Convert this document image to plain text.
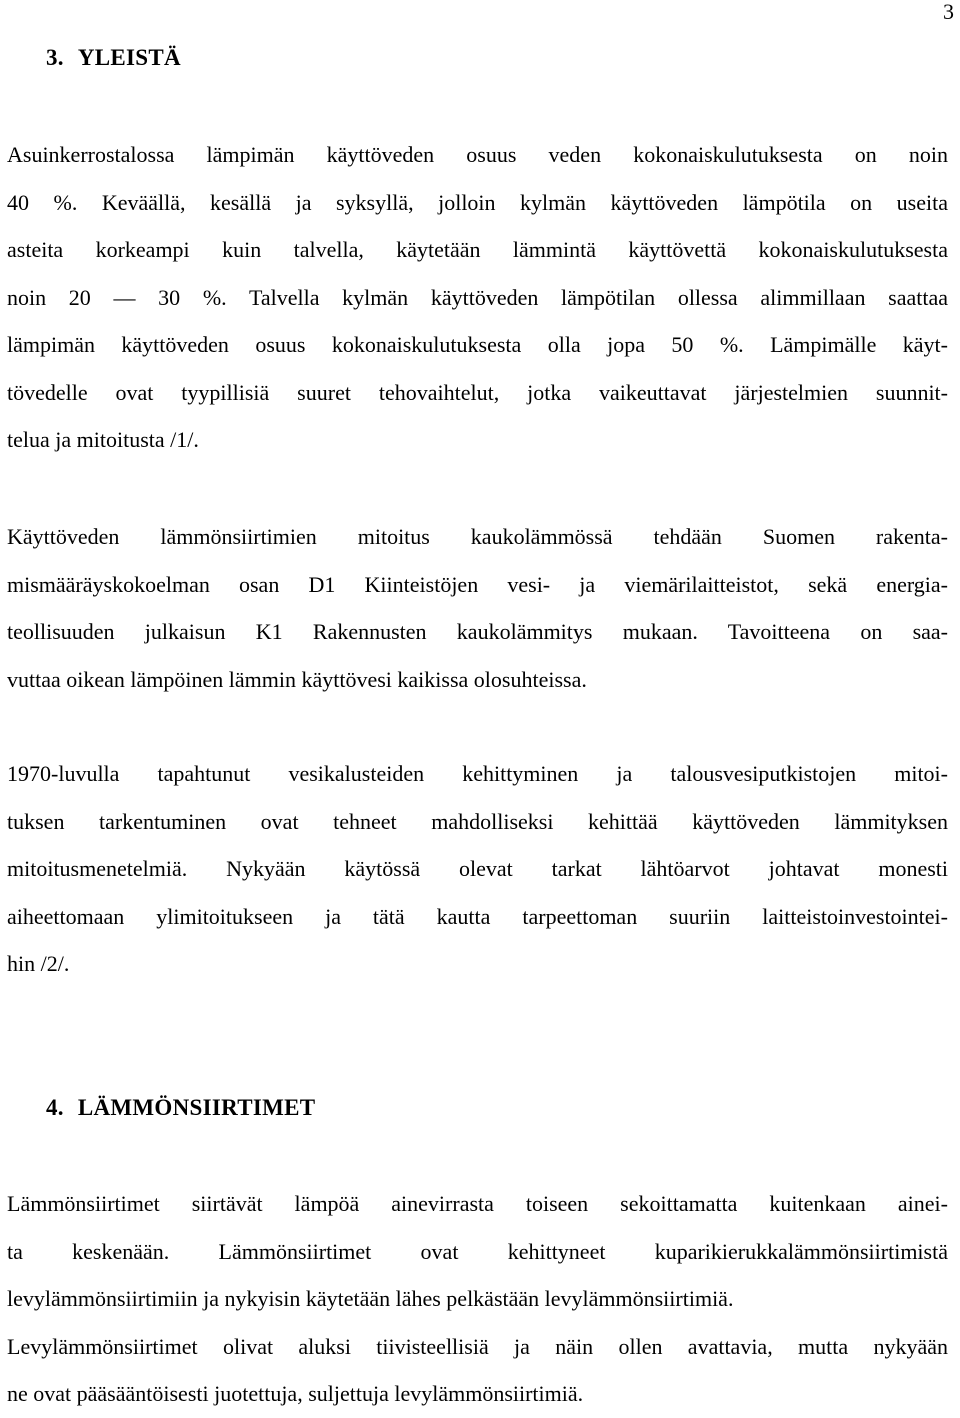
3
3. YLEISTÄ
Asuinkerrostalossa lämpimän käyttöveden osuus veden kokonaiskulutuksesta on noin
40 %. Keväällä, kesällä ja syksyllä, jolloin kylmän käyttöveden lämpötila on useita
asteita korkeampi kuin talvella, käytetään lämmintä käyttövettä kokonaiskulutuksesta
noin 20 — 30 %. Talvella kylmän käyttöveden lämpötilan ollessa alimmillaan saattaa
lämpimän käyttöveden osuus kokonaiskulutuksesta olla jopa 50 %. Lämpimälle käyt-
tövedelle ovat tyypillisiä suuret tehovaihtelut, jotka vaikeuttavat järjestelmien suunnit-
telua ja mitoitusta /1/.
Käyttöveden lämmönsiirtimien mitoitus kaukolämmössä tehdään Suomen rakenta-
mismääräyskokoelman osan D1 Kiinteistöjen vesi- ja viemärilaitteistot, sekä energia-
teollisuuden julkaisun K1 Rakennusten kaukolämmitys mukaan. Tavoitteena on saa-
vuttaa oikean lämpöinen lämmin käyttövesi kaikissa olosuhteissa.
1970-luvulla tapahtunut vesikalusteiden kehittyminen ja talousvesiputkistojen mitoi-
tuksen tarkentuminen ovat tehneet mahdolliseksi kehittää käyttöveden lämmityksen
mitoitusmenetelmiä. Nykyään käytössä olevat tarkat lähtöarvot johtavat monesti
aiheettomaan ylimitoitukseen ja tätä kautta tarpeettoman suuriin laitteistoinvestointei-
hin /2/.
4. LÄMMÖNSIIRTIMET
Lämmönsiirtimet siirtävät lämpöä ainevirrasta toiseen sekoittamatta kuitenkaan ainei-
ta keskenään. Lämmönsiirtimet ovat kehittyneet kuparikierukkalämmönsiirtimistä
levylämmönsiirtimiin ja nykyisin käytetään lähes pelkästään levylämmönsiirtimiä.
Levylämmönsiirtimet olivat aluksi tiivisteellisiä ja näin ollen avattavia, mutta nykyään
ne ovat pääsääntöisesti juotettuja, suljettuja levylämmönsiirtimiä.
